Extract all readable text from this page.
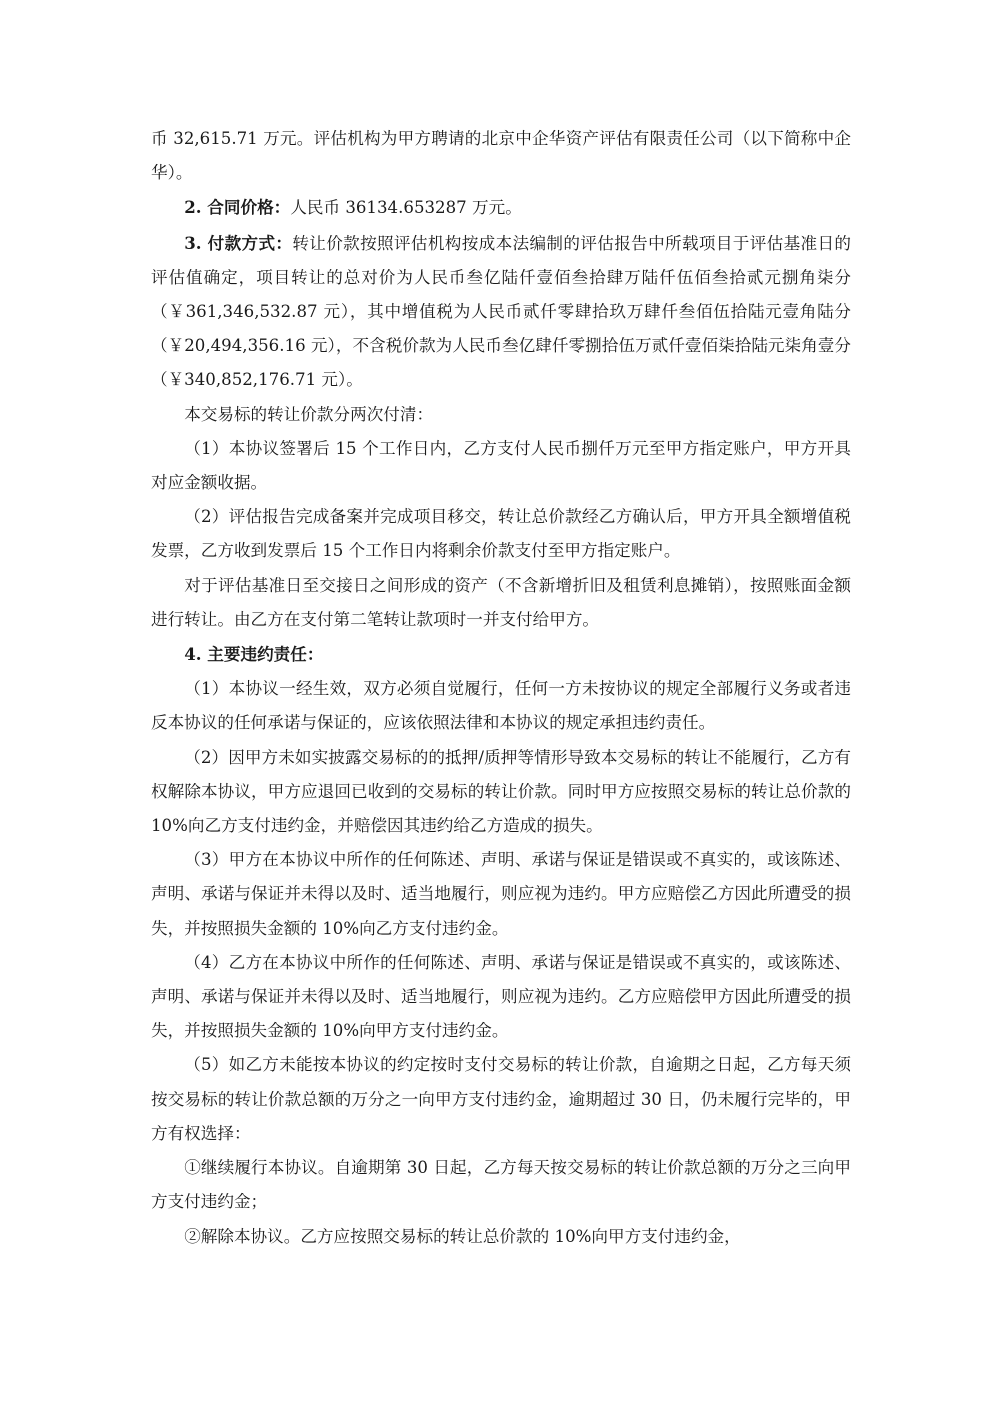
币 32,615.71 万元。评估机构为甲方聘请的北京中企华资产评估有限责任公司（以下简称中企华）。

2. 合同价格：人民币 36134.653287 万元。

3. 付款方式：转让价款按照评估机构按成本法编制的评估报告中所载项目于评估基准日的评估值确定，项目转让的总对价为人民币叁亿陆仟壹佰叁拾肆万陆仟伍佰叁拾贰元捌角柒分（￥361,346,532.87 元），其中增值税为人民币贰仟零肆拾玖万肆仟叁佰伍拾陆元壹角陆分（￥20,494,356.16 元），不含税价款为人民币叁亿肆仟零捌拾伍万贰仟壹佰柒拾陆元柒角壹分（￥340,852,176.71 元）。

本交易标的转让价款分两次付清：

（1）本协议签署后 15 个工作日内，乙方支付人民币捌仟万元至甲方指定账户，甲方开具对应金额收据。

（2）评估报告完成备案并完成项目移交，转让总价款经乙方确认后，甲方开具全额增值税发票，乙方收到发票后 15 个工作日内将剩余价款支付至甲方指定账户。

对于评估基准日至交接日之间形成的资产（不含新增折旧及租赁利息摊销），按照账面金额进行转让。由乙方在支付第二笔转让款项时一并支付给甲方。

4. 主要违约责任：

（1）本协议一经生效，双方必须自觉履行，任何一方未按协议的规定全部履行义务或者违反本协议的任何承诺与保证的，应该依照法律和本协议的规定承担违约责任。

（2）因甲方未如实披露交易标的的抵押/质押等情形导致本交易标的转让不能履行，乙方有权解除本协议，甲方应退回已收到的交易标的转让价款。同时甲方应按照交易标的转让总价款的 10%向乙方支付违约金，并赔偿因其违约给乙方造成的损失。

（3）甲方在本协议中所作的任何陈述、声明、承诺与保证是错误或不真实的，或该陈述、声明、承诺与保证并未得以及时、适当地履行，则应视为违约。甲方应赔偿乙方因此所遭受的损失，并按照损失金额的 10%向乙方支付违约金。

（4）乙方在本协议中所作的任何陈述、声明、承诺与保证是错误或不真实的，或该陈述、声明、承诺与保证并未得以及时、适当地履行，则应视为违约。乙方应赔偿甲方因此所遭受的损失，并按照损失金额的 10%向甲方支付违约金。

（5）如乙方未能按本协议的约定按时支付交易标的转让价款，自逾期之日起，乙方每天须按交易标的转让价款总额的万分之一向甲方支付违约金，逾期超过 30 日，仍未履行完毕的，甲方有权选择：

①继续履行本协议。自逾期第 30 日起，乙方每天按交易标的转让价款总额的万分之三向甲方支付违约金；

②解除本协议。乙方应按照交易标的转让总价款的 10%向甲方支付违约金，
